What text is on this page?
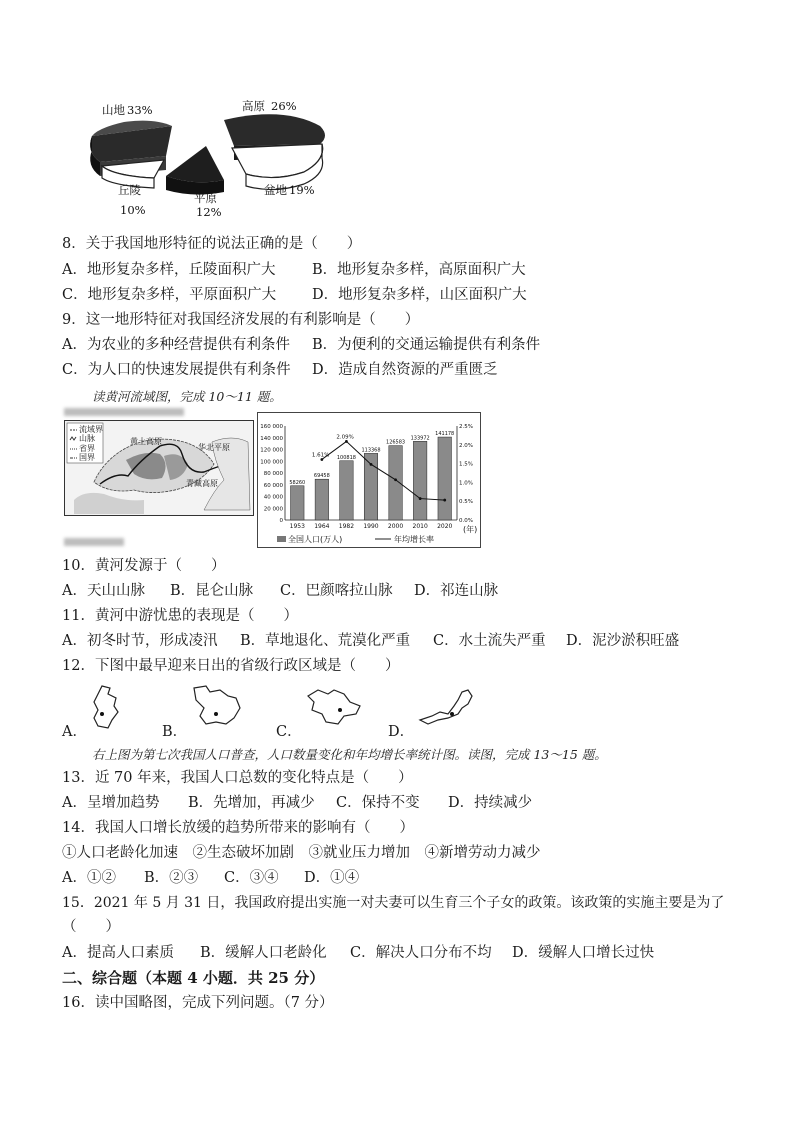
山地 33%	高原 26%
盆地 19%
平原
12%
丘陵
10%
8．关于我国地形特征的说法正确的是（　　）
A．地形复杂多样，丘陵面积广大	B．地形复杂多样，高原面积广大
C．地形复杂多样，平原面积广大 D．地形复杂多样，山区面积广大
9．这一地形特征对我国经济发展的有利影响是（　　）
A．为农业的多种经营提供有利条件 B．为便利的交通运输提供有利条件
C．为人口的快速发展提供有利条件 D．造成自然资源的严重匮乏
读黄河流域图，完成 10～11 题。
流域界
山脉
省界
国界
黄土高原
华北平原
青藏高原
0
20 000
40 000
60 000
80 000
100 000
120 000
140 000
160 000
0.0%
0.5%
1.0%
1.5%
2.0%
2.5%
1953
58260
1964
69458
1982
100818
1990
113368
2000
126583
2010
133972
2020
141178
1.61%
2.09%
全国人口(万人)	年均增长率
(年)
10．黄河发源于（　　）
A．天山山脉 B．昆仑山脉 C．巴颜喀拉山脉 D．祁连山脉
11．黄河中游忧患的表现是（　　）
A．初冬时节，形成凌汛 B．草地退化、荒漠化严重 C．水土流失严重 D．泥沙淤积旺盛
12．下图中最早迎来日出的省级行政区域是（　　）
A．	B．	C．	D．
右上图为第七次我国人口普查，人口数量变化和年均增长率统计图。读图，完成 13～15 题。
13．近 70 年来，我国人口总数的变化特点是（　　）
A．呈增加趋势 B．先增加，再减少 C．保持不变 D．持续减少
14．我国人口增长放缓的趋势所带来的影响有（　　）
①人口老龄化加速　②生态破坏加剧　③就业压力增加　④新增劳动力减少
A．①② B．②③ C．③④ D．①④
15．2021 年 5 月 31 日，我国政府提出实施一对夫妻可以生育三个子女的政策。该政策的实施主要是为了
（　　）
A．提高人口素质 B．缓解人口老龄化 C．解决人口分布不均 D．缓解人口增长过快
二、综合题（本题 4 小题．共 25 分）
16．读中国略图，完成下列问题。（7 分）
